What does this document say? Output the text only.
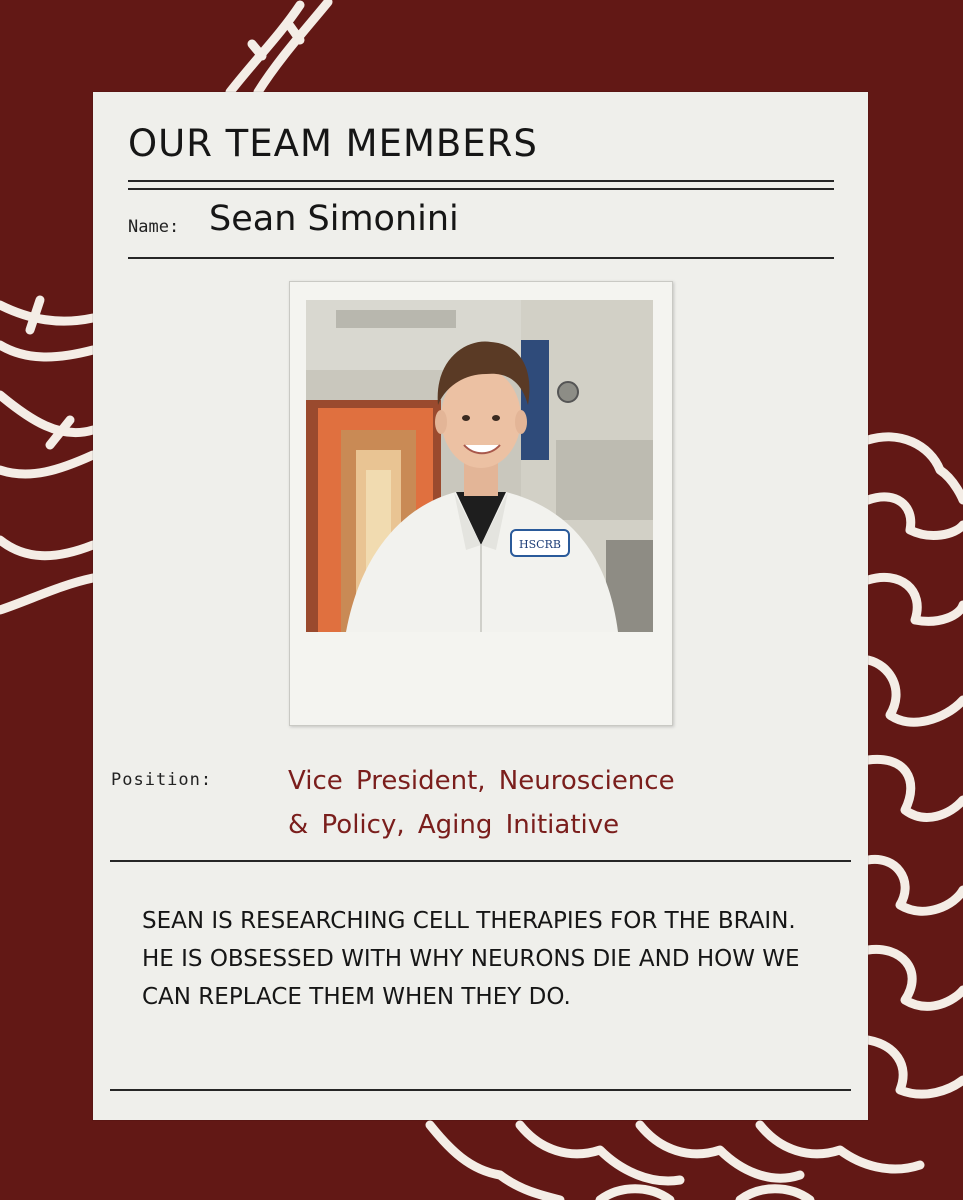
OUR TEAM MEMBERS
Name: Sean Simonini
HSCRB
Position:	Vice President, Neuroscience
& Policy, Aging Initiative

SEAN IS RESEARCHING CELL THERAPIES FOR THE BRAIN. HE IS OBSESSED WITH WHY NEURONS DIE AND HOW WE CAN REPLACE THEM WHEN THEY DO.
